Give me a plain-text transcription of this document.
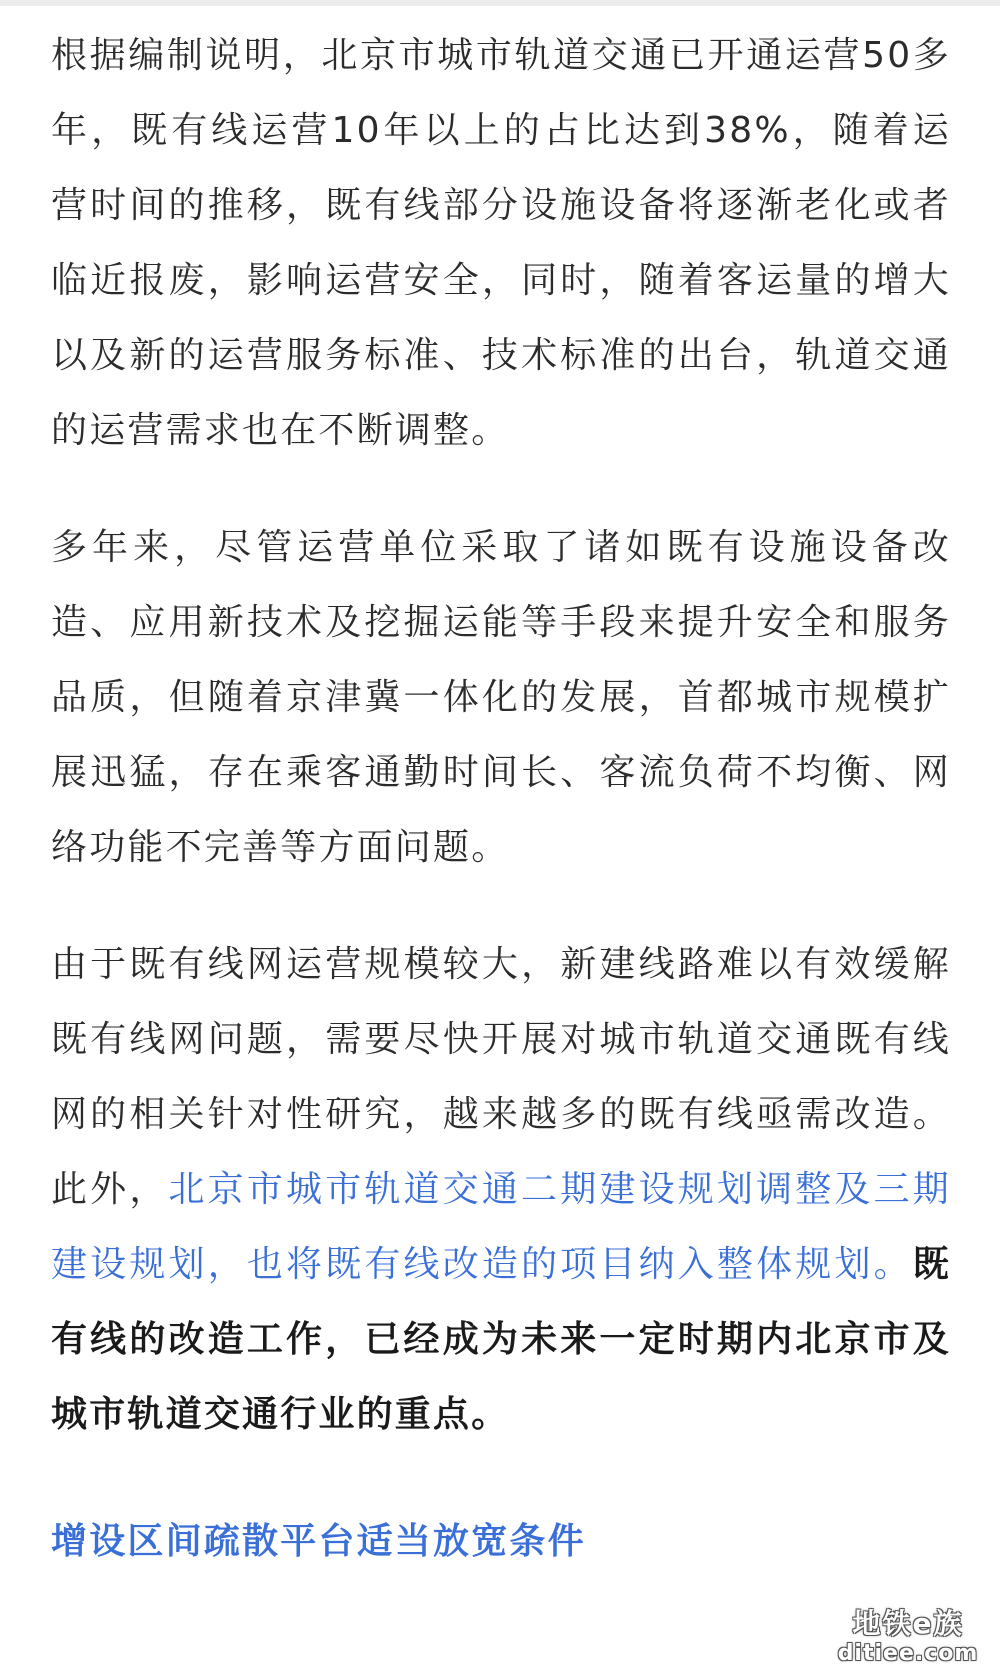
根据编制说明，北京市城市轨道交通已开通运营50多年，既有线运营10年以上的占比达到38%，随着运营时间的推移，既有线部分设施设备将逐渐老化或者临近报废，影响运营安全，同时，随着客运量的增大以及新的运营服务标准、技术标准的出台，轨道交通的运营需求也在不断调整。

多年来，尽管运营单位采取了诸如既有设施设备改造、应用新技术及挖掘运能等手段来提升安全和服务品质，但随着京津冀一体化的发展，首都城市规模扩展迅猛，存在乘客通勤时间长、客流负荷不均衡、网络功能不完善等方面问题。

由于既有线网运营规模较大，新建线路难以有效缓解既有线网问题，需要尽快开展对城市轨道交通既有线网的相关针对性研究，越来越多的既有线亟需改造。此外，北京市城市轨道交通二期建设规划调整及三期建设规划，也将既有线改造的项目纳入整体规划。既有线的改造工作，已经成为未来一定时期内北京市及城市轨道交通行业的重点。

增设区间疏散平台适当放宽条件
地铁e族
ditiee.com
